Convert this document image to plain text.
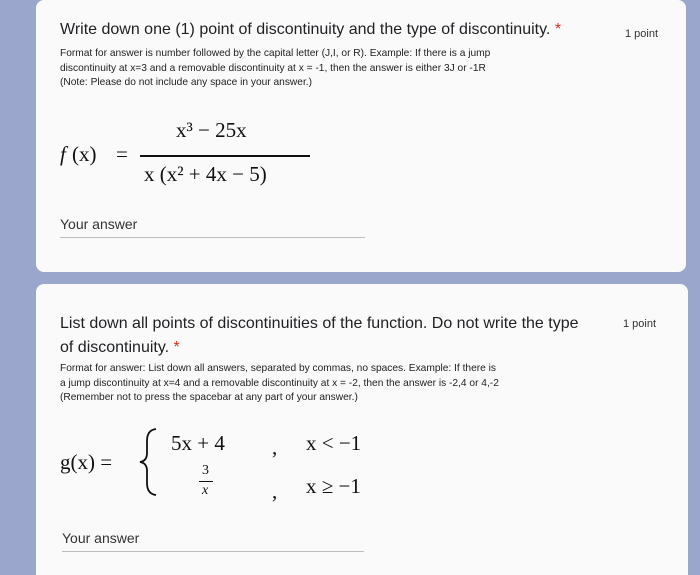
Write down one (1) point of discontinuity and the type of discontinuity. *	1 point
Format for answer is number followed by the capital letter (J,I, or R). Example: If there is a jump
discontinuity at x=3 and a removable discontinuity at x = -1, then the answer is either 3J or -1R
(Note: Please do not include any space in your answer.)
f (x) =
x³ − 25x
x (x² + 4x − 5)
Your answer
List down all points of discontinuities of the function. Do not write the type
of discontinuity. *
1 point
Format for answer: List down all answers, separated by commas, no spaces. Example: If there is
a jump discontinuity at x=4 and a removable discontinuity at x = -2, then the answer is -2,4 or 4,-2
(Remember not to press the spacebar at any part of your answer.)
g(x) =
5x + 4 , x < −1
3
x	, x ≥ −1
Your answer
